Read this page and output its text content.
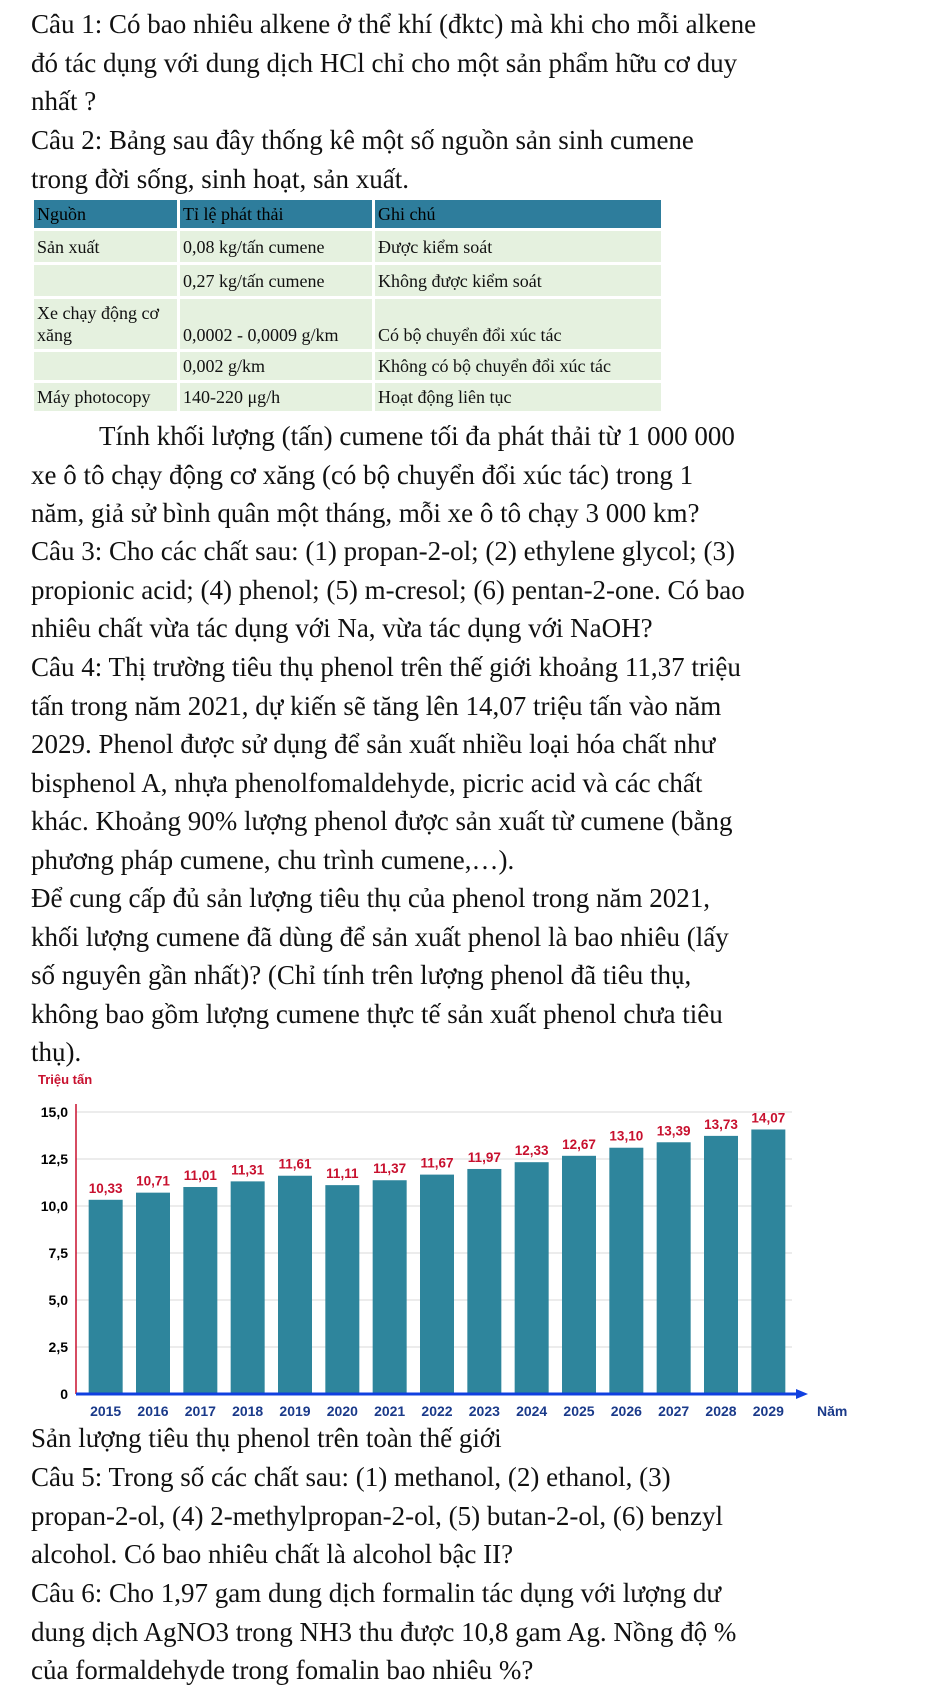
Câu 1: Có bao nhiêu alkene ở thể khí (đktc) mà khi cho mỗi alkene
đó tác dụng với dung dịch HCl chỉ cho một sản phẩm hữu cơ duy
nhất ?
Câu 2: Bảng sau đây thống kê một số nguồn sản sinh cumene
trong đời sống, sinh hoạt, sản xuất.
Nguồn	Tỉ lệ phát thải	Ghi chú
Sản xuất	0,08 kg/tấn cumene	Được kiểm soát
	0,27 kg/tấn cumene	Không được kiểm soát
Xe chạy động cơ xăng	0,0002 - 0,0009 g/km	Có bộ chuyển đổi xúc tác
	0,002 g/km	Không có bộ chuyển đổi xúc tác
Máy photocopy	140-220 μg/h	Hoạt động liên tục
Tính khối lượng (tấn) cumene tối đa phát thải từ 1 000 000
xe ô tô chạy động cơ xăng (có bộ chuyển đổi xúc tác) trong 1
năm, giả sử bình quân một tháng, mỗi xe ô tô chạy 3 000 km?
Câu 3: Cho các chất sau: (1) propan-2-ol; (2) ethylene glycol; (3)
propionic acid; (4) phenol; (5) m-cresol; (6) pentan-2-one. Có bao
nhiêu chất vừa tác dụng với Na, vừa tác dụng với NaOH?
Câu 4: Thị trường tiêu thụ phenol trên thế giới khoảng 11,37 triệu
tấn trong năm 2021, dự kiến sẽ tăng lên 14,07 triệu tấn vào năm
2029. Phenol được sử dụng để sản xuất nhiều loại hóa chất như
bisphenol A, nhựa phenolfomaldehyde, picric acid và các chất
khác. Khoảng 90% lượng phenol được sản xuất từ cumene (bằng
phương pháp cumene, chu trình cumene,…).
Để cung cấp đủ sản lượng tiêu thụ của phenol trong năm 2021,
khối lượng cumene đã dùng để sản xuất phenol là bao nhiêu (lấy
số nguyên gần nhất)? (Chỉ tính trên lượng phenol đã tiêu thụ,
không bao gồm lượng cumene thực tế sản xuất phenol chưa tiêu
thụ).
0
2,5
5,0
7,5
10,0
12,5
15,0
Triệu tấn
10,33
2015
10,71
2016
11,01
2017
11,31
2018
11,61
2019
11,11
2020
11,37
2021
11,67
2022
11,97
2023
12,33
2024
12,67
2025
13,10
2026
13,39
2027
13,73
2028
14,07
2029 Năm
Sản lượng tiêu thụ phenol trên toàn thế giới
Câu 5: Trong số các chất sau: (1) methanol, (2) ethanol, (3)
propan-2-ol, (4) 2-methylpropan-2-ol, (5) butan-2-ol, (6) benzyl
alcohol. Có bao nhiêu chất là alcohol bậc II?
Câu 6: Cho 1,97 gam dung dịch formalin tác dụng với lượng dư
dung dịch AgNO3 trong NH3 thu được 10,8 gam Ag. Nồng độ %
của formaldehyde trong fomalin bao nhiêu %?
